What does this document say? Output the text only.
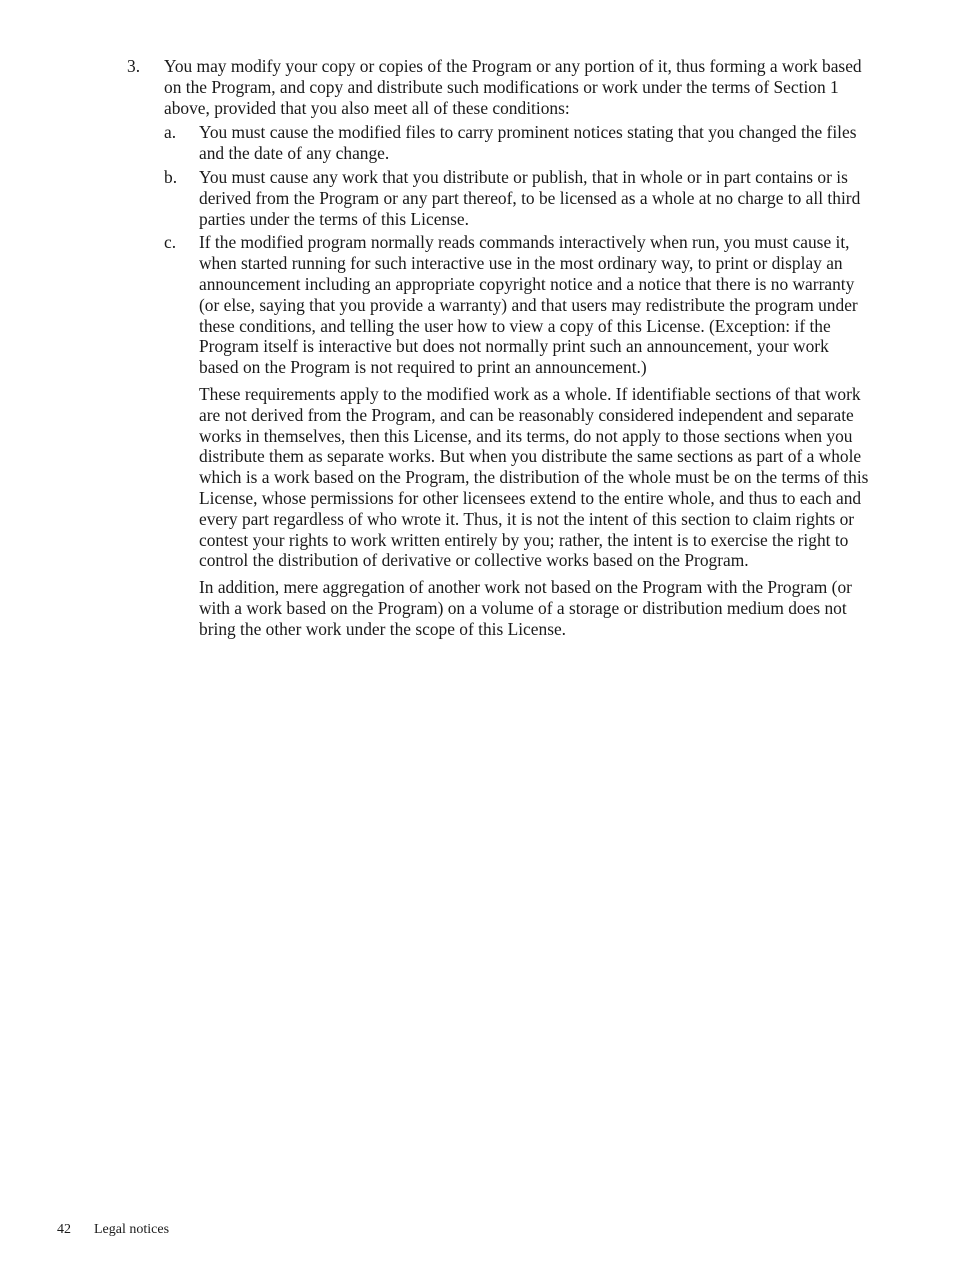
3.	You may modify your copy or copies of the Program or any portion of it, thus forming a work based on the Program, and copy and distribute such modifications or work under the terms of Section 1 above, provided that you also meet all of these conditions:
a.	You must cause the modified files to carry prominent notices stating that you changed the files and the date of any change.
b.	You must cause any work that you distribute or publish, that in whole or in part contains or is derived from the Program or any part thereof, to be licensed as a whole at no charge to all third parties under the terms of this License.
c.	If the modified program normally reads commands interactively when run, you must cause it, when started running for such interactive use in the most ordinary way, to print or display an announcement including an appropriate copyright notice and a notice that there is no warranty (or else, saying that you provide a warranty) and that users may redistribute the program under these conditions, and telling the user how to view a copy of this License. (Exception: if the Program itself is interactive but does not normally print such an announcement, your work based on the Program is not required to print an announcement.)
These requirements apply to the modified work as a whole. If identifiable sections of that work are not derived from the Program, and can be reasonably considered independent and separate works in themselves, then this License, and its terms, do not apply to those sections when you distribute them as separate works. But when you distribute the same sections as part of a whole which is a work based on the Program, the distribution of the whole must be on the terms of this License, whose permissions for other licensees extend to the entire whole, and thus to each and every part regardless of who wrote it. Thus, it is not the intent of this section to claim rights or contest your rights to work written entirely by you; rather, the intent is to exercise the right to control the distribution of derivative or collective works based on the Program.
In addition, mere aggregation of another work not based on the Program with the Program (or with a work based on the Program) on a volume of a storage or distribution medium does not bring the other work under the scope of this License.
42 Legal notices
